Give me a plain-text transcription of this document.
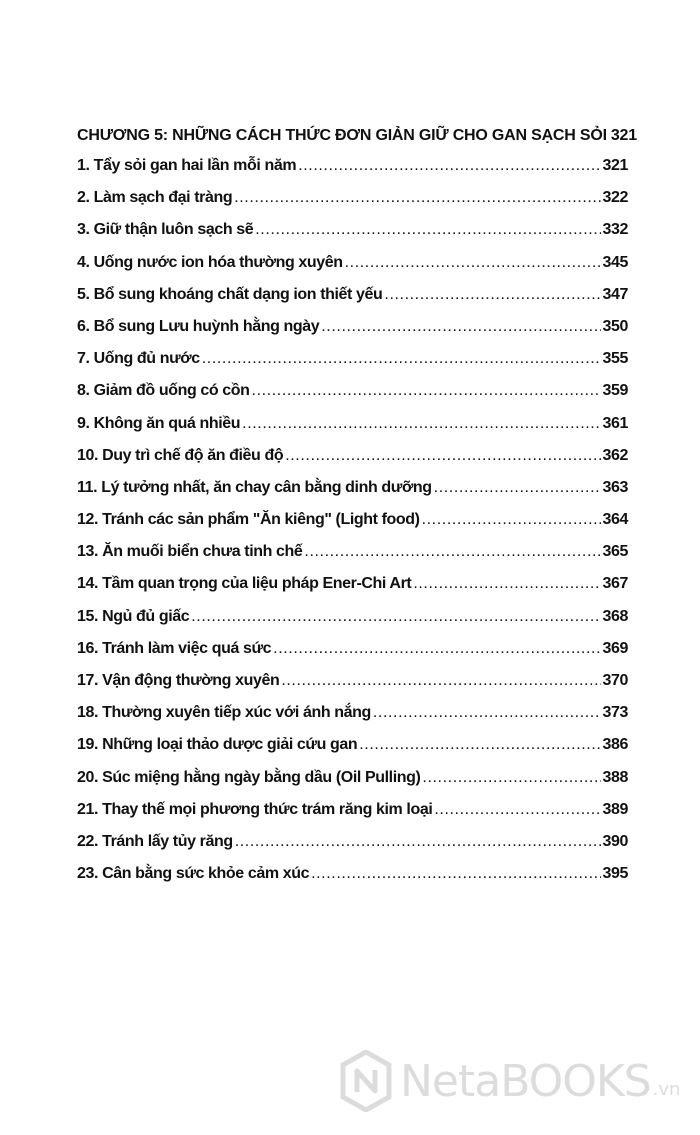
CHƯƠNG 5: NHỮNG CÁCH THỨC ĐƠN GIẢN GIỮ CHO GAN SẠCH SỎI 321
1. Tẩy sỏi gan hai lần mỗi năm .....	321
2. Làm sạch đại tràng .....	322
3. Giữ thận luôn sạch sẽ .....	332
4. Uống nước ion hóa thường xuyên .....	345
5. Bổ sung khoáng chất dạng ion thiết yếu .....	347
6. Bổ sung Lưu huỳnh hằng ngày .....	350
7. Uống đủ nước .....	355
8. Giảm đồ uống có cồn .....	359
9. Không ăn quá nhiều .....	361
10. Duy trì chế độ ăn điều độ .....	362
11. Lý tưởng nhất, ăn chay cân bằng dinh dưỡng .....	363
12. Tránh các sản phẩm "Ăn kiêng" (Light food) .....	364
13. Ăn muối biển chưa tinh chế .....	365
14. Tầm quan trọng của liệu pháp Ener-Chi Art .....	367
15. Ngủ đủ giấc .....	368
16. Tránh làm việc quá sức .....	369
17. Vận động thường xuyên .....	370
18. Thường xuyên tiếp xúc với ánh nắng .....	373
19. Những loại thảo dược giải cứu gan .....	386
20. Súc miệng hằng ngày bằng dầu (Oil Pulling) .....	388
21. Thay thế mọi phương thức trám răng kim loại .....	389
22. Tránh lấy tủy răng .....	390
23. Cân bằng sức khỏe cảm xúc .....	395
NetaBOOKS .vn
